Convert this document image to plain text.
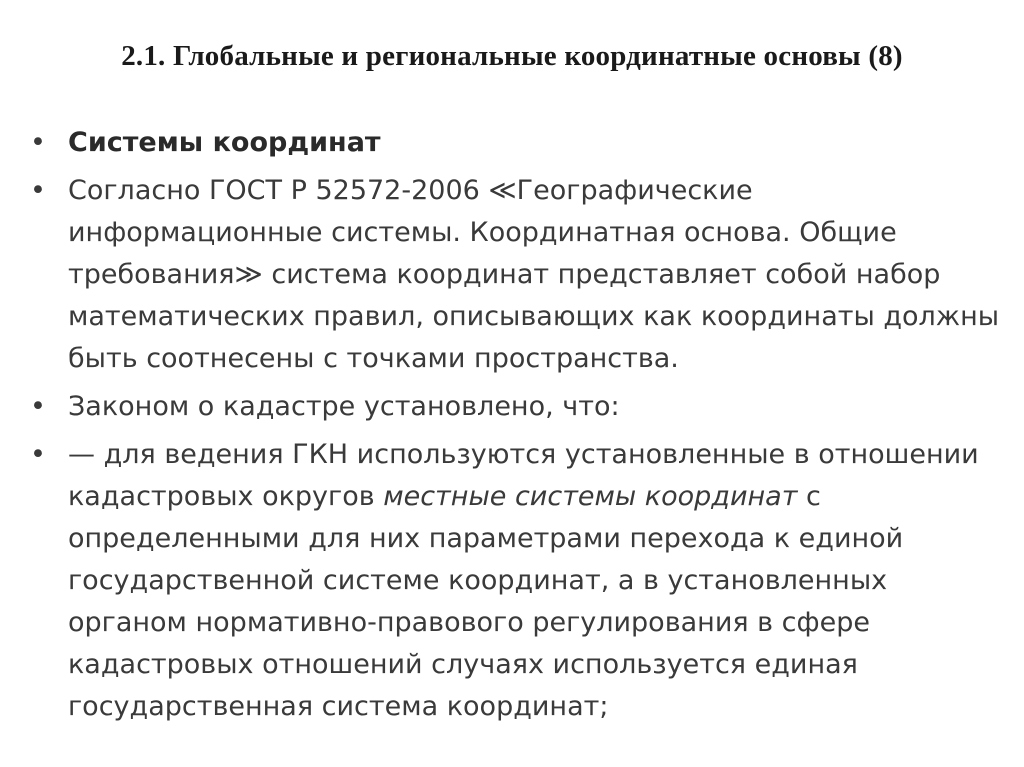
2.1. Глобальные и региональные координатные основы (8)
• Системы координат
• Согласно ГОСТ Р 52572-2006 ≪Географические информационные системы. Координатная основа. Общие требования≫ система координат представляет собой набор математических правил, описывающих как координаты должны быть соотнесены с точками пространства.
• Законом о кадастре установлено, что:
• — для ведения ГКН используются установленные в отношении кадастровых округов местные системы координат с определенными для них параметрами перехода к единой государственной системе координат, а в установленных органом нормативно-правового регулирования в сфере кадастровых отношений случаях используется единая государственная система координат;
